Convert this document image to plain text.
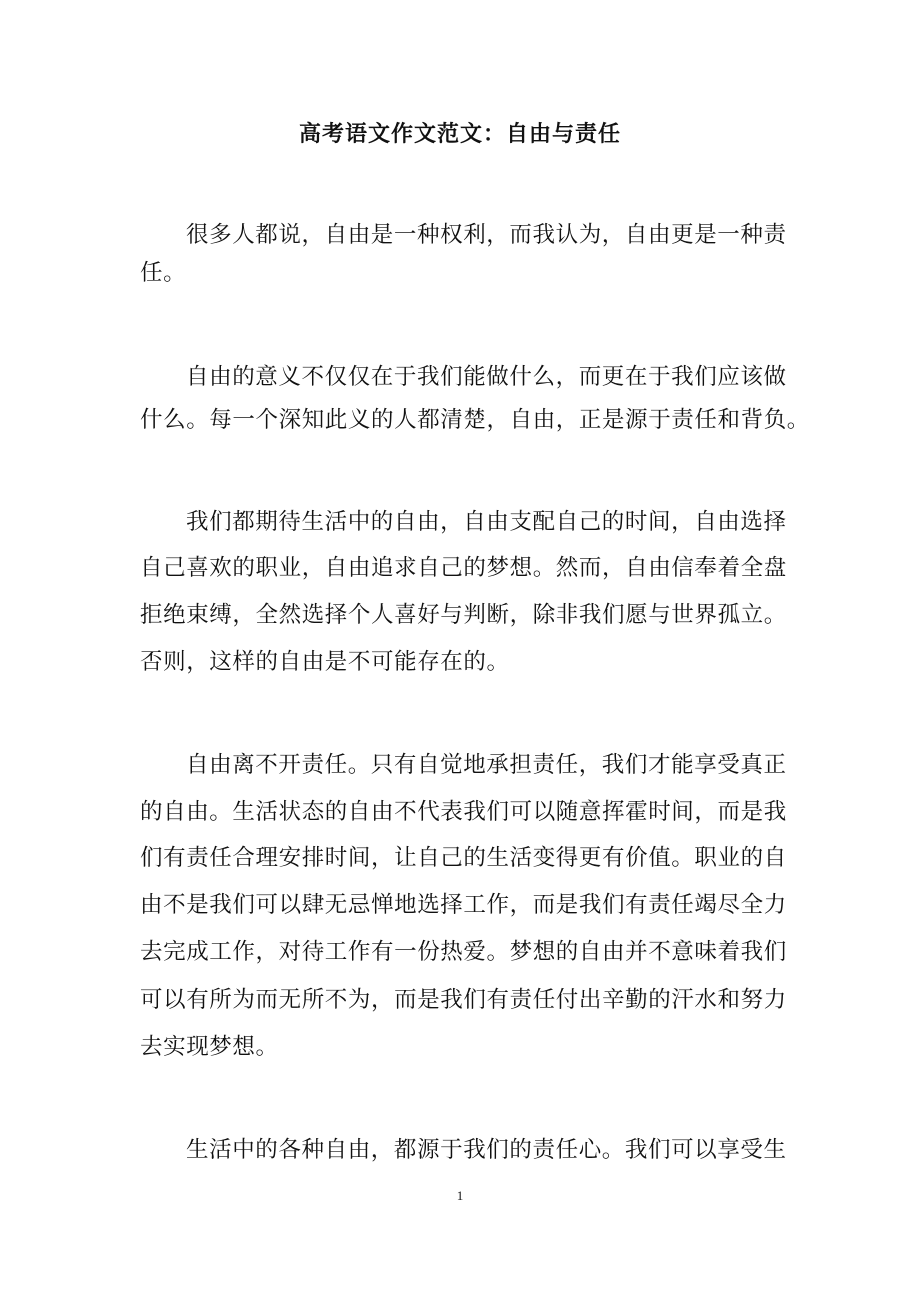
高考语文作文范文：自由与责任
很多人都说，自由是一种权利，而我认为，自由更是一种责
任。
自由的意义不仅仅在于我们能做什么，而更在于我们应该做
什么。每一个深知此义的人都清楚，自由，正是源于责任和背负。
我们都期待生活中的自由，自由支配自己的时间，自由选择
自己喜欢的职业，自由追求自己的梦想。然而，自由信奉着全盘
拒绝束缚，全然选择个人喜好与判断，除非我们愿与世界孤立。
否则，这样的自由是不可能存在的。
自由离不开责任。只有自觉地承担责任，我们才能享受真正
的自由。生活状态的自由不代表我们可以随意挥霍时间，而是我
们有责任合理安排时间，让自己的生活变得更有价值。职业的自
由不是我们可以肆无忌惮地选择工作，而是我们有责任竭尽全力
去完成工作，对待工作有一份热爱。梦想的自由并不意味着我们
可以有所为而无所不为，而是我们有责任付出辛勤的汗水和努力
去实现梦想。
生活中的各种自由，都源于我们的责任心。我们可以享受生
1
